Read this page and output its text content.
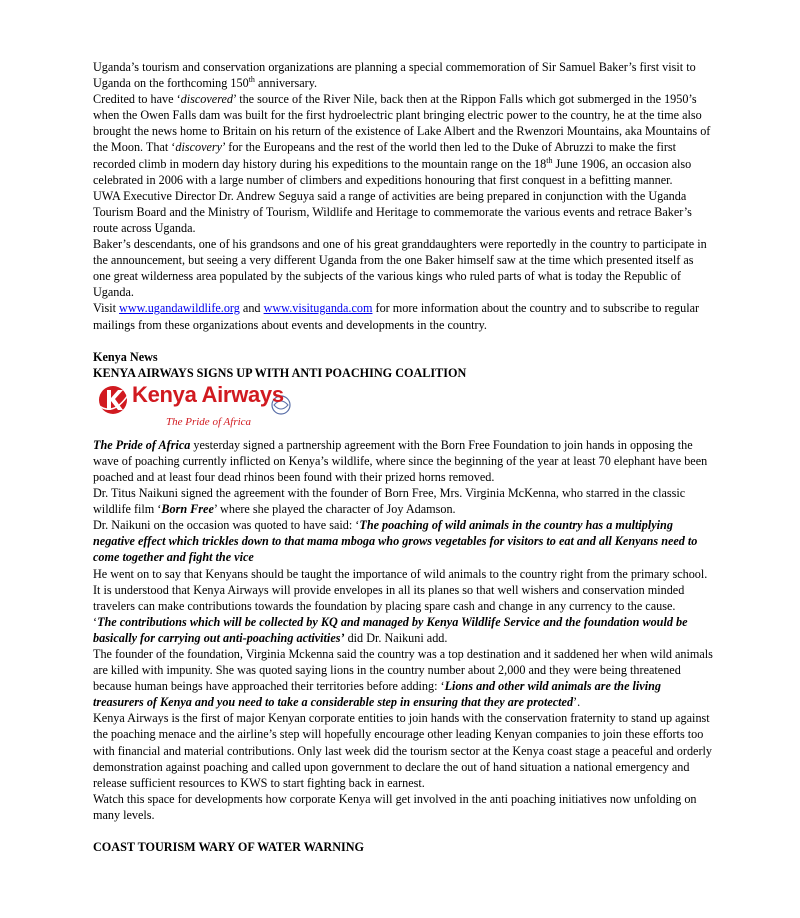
Uganda’s tourism and conservation organizations are planning a special commemoration of Sir Samuel Baker’s first visit to Uganda on the forthcoming 150th anniversary.

Credited to have ‘discovered’ the source of the River Nile, back then at the Rippon Falls which got submerged in the 1950’s when the Owen Falls dam was built for the first hydroelectric plant bringing electric power to the country, he at the time also brought the news home to Britain on his return of the existence of Lake Albert and the Rwenzori Mountains, aka Mountains of the Moon. That ‘discovery’ for the Europeans and the rest of the world then led to the Duke of Abruzzi to make the first recorded climb in modern day history during his expeditions to the mountain range on the 18th June 1906, an occasion also celebrated in 2006 with a large number of climbers and expeditions honouring that first conquest in a befitting manner.

UWA Executive Director Dr. Andrew Seguya said a range of activities are being prepared in conjunction with the Uganda Tourism Board and the Ministry of Tourism, Wildlife and Heritage to commemorate the various events and retrace Baker’s route across Uganda.

Baker’s descendants, one of his grandsons and one of his great granddaughters were reportedly in the country to participate in the announcement, but seeing a very different Uganda from the one Baker himself saw at the time which presented itself as one great wilderness area populated by the subjects of the various kings who ruled parts of what is today the Republic of Uganda.

Visit www.ugandawildlife.org and www.visituganda.com for more information about the country and to subscribe to regular mailings from these organizations about events and developments in the country.

Kenya News

KENYA AIRWAYS SIGNS UP WITH ANTI POACHING COALITION

Kenya Airways
The Pride of Africa

The Pride of Africa yesterday signed a partnership agreement with the Born Free Foundation to join hands in opposing the wave of poaching currently inflicted on Kenya’s wildlife, where since the beginning of the year at least 70 elephant have been poached and at least four dead rhinos been found with their prized horns removed.

Dr. Titus Naikuni signed the agreement with the founder of Born Free, Mrs. Virginia McKenna, who starred in the classic wildlife film ‘Born Free’ where she played the character of Joy Adamson.

Dr. Naikuni on the occasion was quoted to have said: ‘The poaching of wild animals in the country has a multiplying negative effect which trickles down to that mama mboga who grows vegetables for visitors to eat and all Kenyans need to come together and fight the vice

He went on to say that Kenyans should be taught the importance of wild animals to the country right from the primary school. It is understood that Kenya Airways will provide envelopes in all its planes so that well wishers and conservation minded travelers can make contributions towards the foundation by placing spare cash and change in any currency to the cause.

‘The contributions which will be collected by KQ and managed by Kenya Wildlife Service and the foundation would be basically for carrying out anti-poaching activities’ did Dr. Naikuni add.

The founder of the foundation, Virginia Mckenna said the country was a top destination and it saddened her when wild animals are killed with impunity. She was quoted saying lions in the country number about 2,000 and they were being threatened because human beings have approached their territories before adding: ‘Lions and other wild animals are the living treasurers of Kenya and you need to take a considerable step in ensuring that they are protected’.

Kenya Airways is the first of major Kenyan corporate entities to join hands with the conservation fraternity to stand up against the poaching menace and the airline’s step will hopefully encourage other leading Kenyan companies to join these efforts too with financial and material contributions. Only last week did the tourism sector at the Kenya coast stage a peaceful and orderly demonstration against poaching and called upon government to declare the out of hand situation a national emergency and release sufficient resources to KWS to start fighting back in earnest.

Watch this space for developments how corporate Kenya will get involved in the anti poaching initiatives now unfolding on many levels.

COAST TOURISM WARY OF WATER WARNING
